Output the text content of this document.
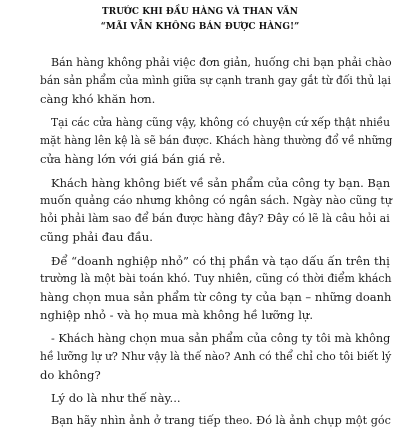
TRƯỚC KHI ĐẦU HÀNG VÀ THAN VÃN
“MÃI VẪN KHÔNG BÁN ĐƯỢC HÀNG!”
Bán hàng không phải việc đơn giản, huống chi bạn phải chào
bán sản phẩm của mình giữa sự cạnh tranh gay gắt từ đối thủ lại
càng khó khăn hơn.
Tại các cửa hàng cũng vậy, không có chuyện cứ xếp thật nhiều
mặt hàng lên kệ là sẽ bán được. Khách hàng thường đổ về những
cửa hàng lớn với giá bán giá rẻ.
Khách hàng không biết về sản phẩm của công ty bạn. Bạn
muốn quảng cáo nhưng không có ngân sách. Ngày nào cũng tự
hỏi phải làm sao để bán được hàng đây? Đây có lẽ là câu hỏi ai
cũng phải đau đầu.
Để “doanh nghiệp nhỏ” có thị phần và tạo dấu ấn trên thị
trường là một bài toán khó. Tuy nhiên, cũng có thời điểm khách
hàng chọn mua sản phẩm từ công ty của bạn – những doanh
nghiệp nhỏ - và họ mua mà không hề lưỡng lự.
- Khách hàng chọn mua sản phẩm của công ty tôi mà không
hề lưỡng lự ư? Như vậy là thế nào? Anh có thể chỉ cho tôi biết lý
do không?
Lý do là như thế này...
Bạn hãy nhìn ảnh ở trang tiếp theo. Đó là ảnh chụp một góc
